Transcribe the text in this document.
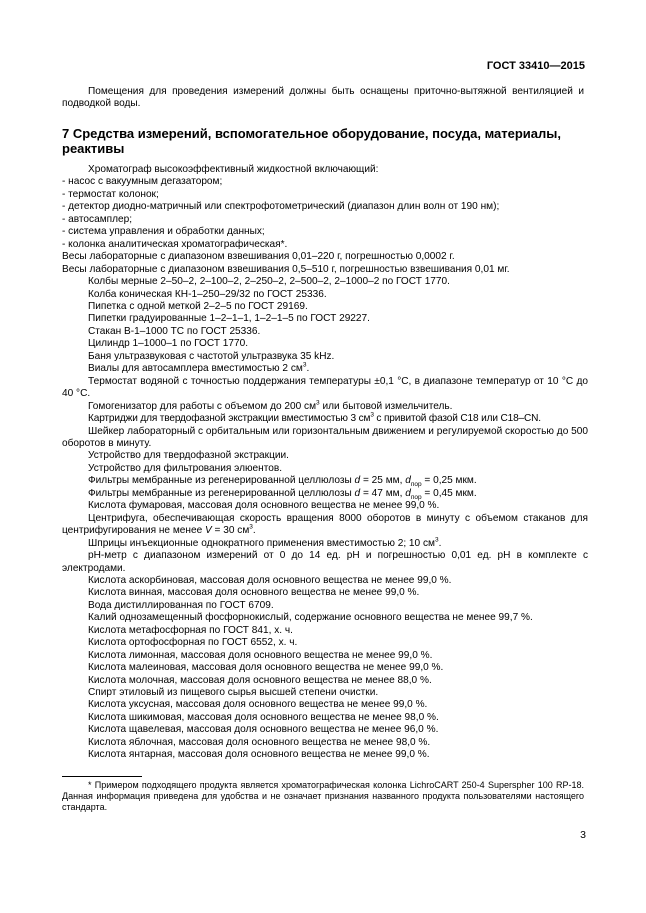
ГОСТ 33410—2015

Помещения для проведения измерений должны быть оснащены приточно-вытяжной вентиляцией и подводкой воды.

7 Средства измерений, вспомогательное оборудование, посуда, материалы, реактивы
Хроматограф высокоэффективный жидкостной включающий:
- насос с вакуумным дегазатором;
- термостат колонок;
- детектор диодно-матричный или спектрофотометрический (диапазон длин волн от 190 нм);
- автосамплер;
- система управления и обработки данных;
- колонка аналитическая хроматографическая*.
Весы лабораторные с диапазоном взвешивания 0,01–220 г, погрешностью 0,0002 г.
Весы лабораторные с диапазоном взвешивания 0,5–510 г, погрешностью взвешивания 0,01 мг.
Колбы мерные 2–50–2, 2–100–2, 2–250–2, 2–500–2, 2–1000–2 по ГОСТ 1770.
Колба коническая КН-1–250–29/32 по ГОСТ 25336.
Пипетка с одной меткой 2–2–5 по ГОСТ 29169.
Пипетки градуированные 1–2–1–1, 1–2–1–5 по ГОСТ 29227.
Стакан В-1–1000 ТС по ГОСТ 25336.
Цилиндр 1–1000–1 по ГОСТ 1770.
Баня ультразвуковая с частотой ультразвука 35 kHz.
Виалы для автосамплера вместимостью 2 $см^3$.
Термостат водяной с точностью поддержания температуры ±0,1 °С, в диапазоне температур от 10 °С до 40 °С.
Гомогенизатор для работы с объемом до 200 $см^3$ или бытовой измельчитель.
Картриджи для твердофазной экстракции вместимостью 3 $см^3$ с привитой фазой С18 или С18–CN.
Шейкер лабораторный с орбитальным или горизонтальным движением и регулируемой скоростью до 500 оборотов в минуту.
Устройство для твердофазной экстракции.
Устройство для фильтрования элюентов.
Фильтры мембранные из регенерированной целлюлозы d = 25 мм, $d_{пор} = 0,25$ мкм.
Фильтры мембранные из регенерированной целлюлозы d = 47 мм, $d_{пор} = 0,45$ мкм.
Кислота фумаровая, массовая доля основного вещества не менее 99,0 %.
Центрифуга, обеспечивающая скорость вращения 8000 оборотов в минуту с объемом стаканов для центрифугирования не менее V = 30 $см^3$.
Шприцы инъекционные однократного применения вместимостью 2; 10 $см^3$.
pH-метр с диапазоном измерений от 0 до 14 ед. pH и погрешностью 0,01 ед. pH в комплекте с электродами.
Кислота аскорбиновая, массовая доля основного вещества не менее 99,0 %.
Кислота винная, массовая доля основного вещества не менее 99,0 %.
Вода дистиллированная по ГОСТ 6709.
Калий однозамещенный фосфорнокислый, содержание основного вещества не менее 99,7 %.
Кислота метафосфорная по ГОСТ 841, х. ч.
Кислота ортофосфорная по ГОСТ 6552, х. ч.
Кислота лимонная, массовая доля основного вещества не менее 99,0 %.
Кислота малеиновая, массовая доля основного вещества не менее 99,0 %.
Кислота молочная, массовая доля основного вещества не менее 88,0 %.
Спирт этиловый из пищевого сырья высшей степени очистки.
Кислота уксусная, массовая доля основного вещества не менее 99,0 %.
Кислота шикимовая, массовая доля основного вещества не менее 98,0 %.
Кислота щавелевая, массовая доля основного вещества не менее 96,0 %.
Кислота яблочная, массовая доля основного вещества не менее 98,0 %.
Кислота янтарная, массовая доля основного вещества не менее 99,0 %.

* Примером подходящего продукта является хроматографическая колонка LichroCART 250-4 Superspher 100 RP-18. Данная информация приведена для удобства и не означает признания названного продукта пользователями настоящего стандарта.

3
